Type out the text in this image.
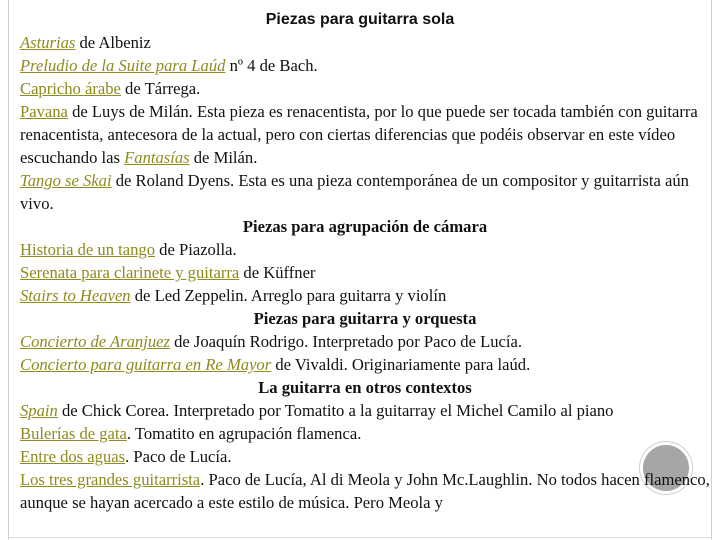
Piezas para guitarra sola
Asturias de Albeniz
Preludio de la Suite para Laúd nº 4 de Bach.
Capricho árabe de Tárrega.
Pavana de Luys de Milán. Esta pieza es renacentista, por lo que puede ser tocada también con guitarra renacentista, antecesora de la actual, pero con ciertas diferencias que podéis observar en este vídeo escuchando las Fantasías de Milán.
Tango se Skai de Roland Dyens. Esta es una pieza contemporánea de un compositor y guitarrista aún vivo.
Piezas para agrupación de cámara
Historia de un tango de Piazolla.
Serenata para clarinete y guitarra de Küffner
Stairs to Heaven de Led Zeppelin. Arreglo para guitarra y violín
Piezas para guitarra y orquesta
Concierto de Aranjuez de Joaquín Rodrigo. Interpretado por Paco de Lucía.
Concierto para guitarra en Re Mayor de Vivaldi. Originariamente para laúd.
La guitarra en otros contextos
Spain de Chick Corea. Interpretado por Tomatito a la guitarray el Michel Camilo al piano
Bulerías de gata. Tomatito en agrupación flamenca.
Entre dos aguas. Paco de Lucía.
Los tres grandes guitarrista. Paco de Lucía, Al di Meola y John Mc.Laughlin. No todos hacen flamenco, aunque se hayan acercado a este estilo de música. Pero Meola y
